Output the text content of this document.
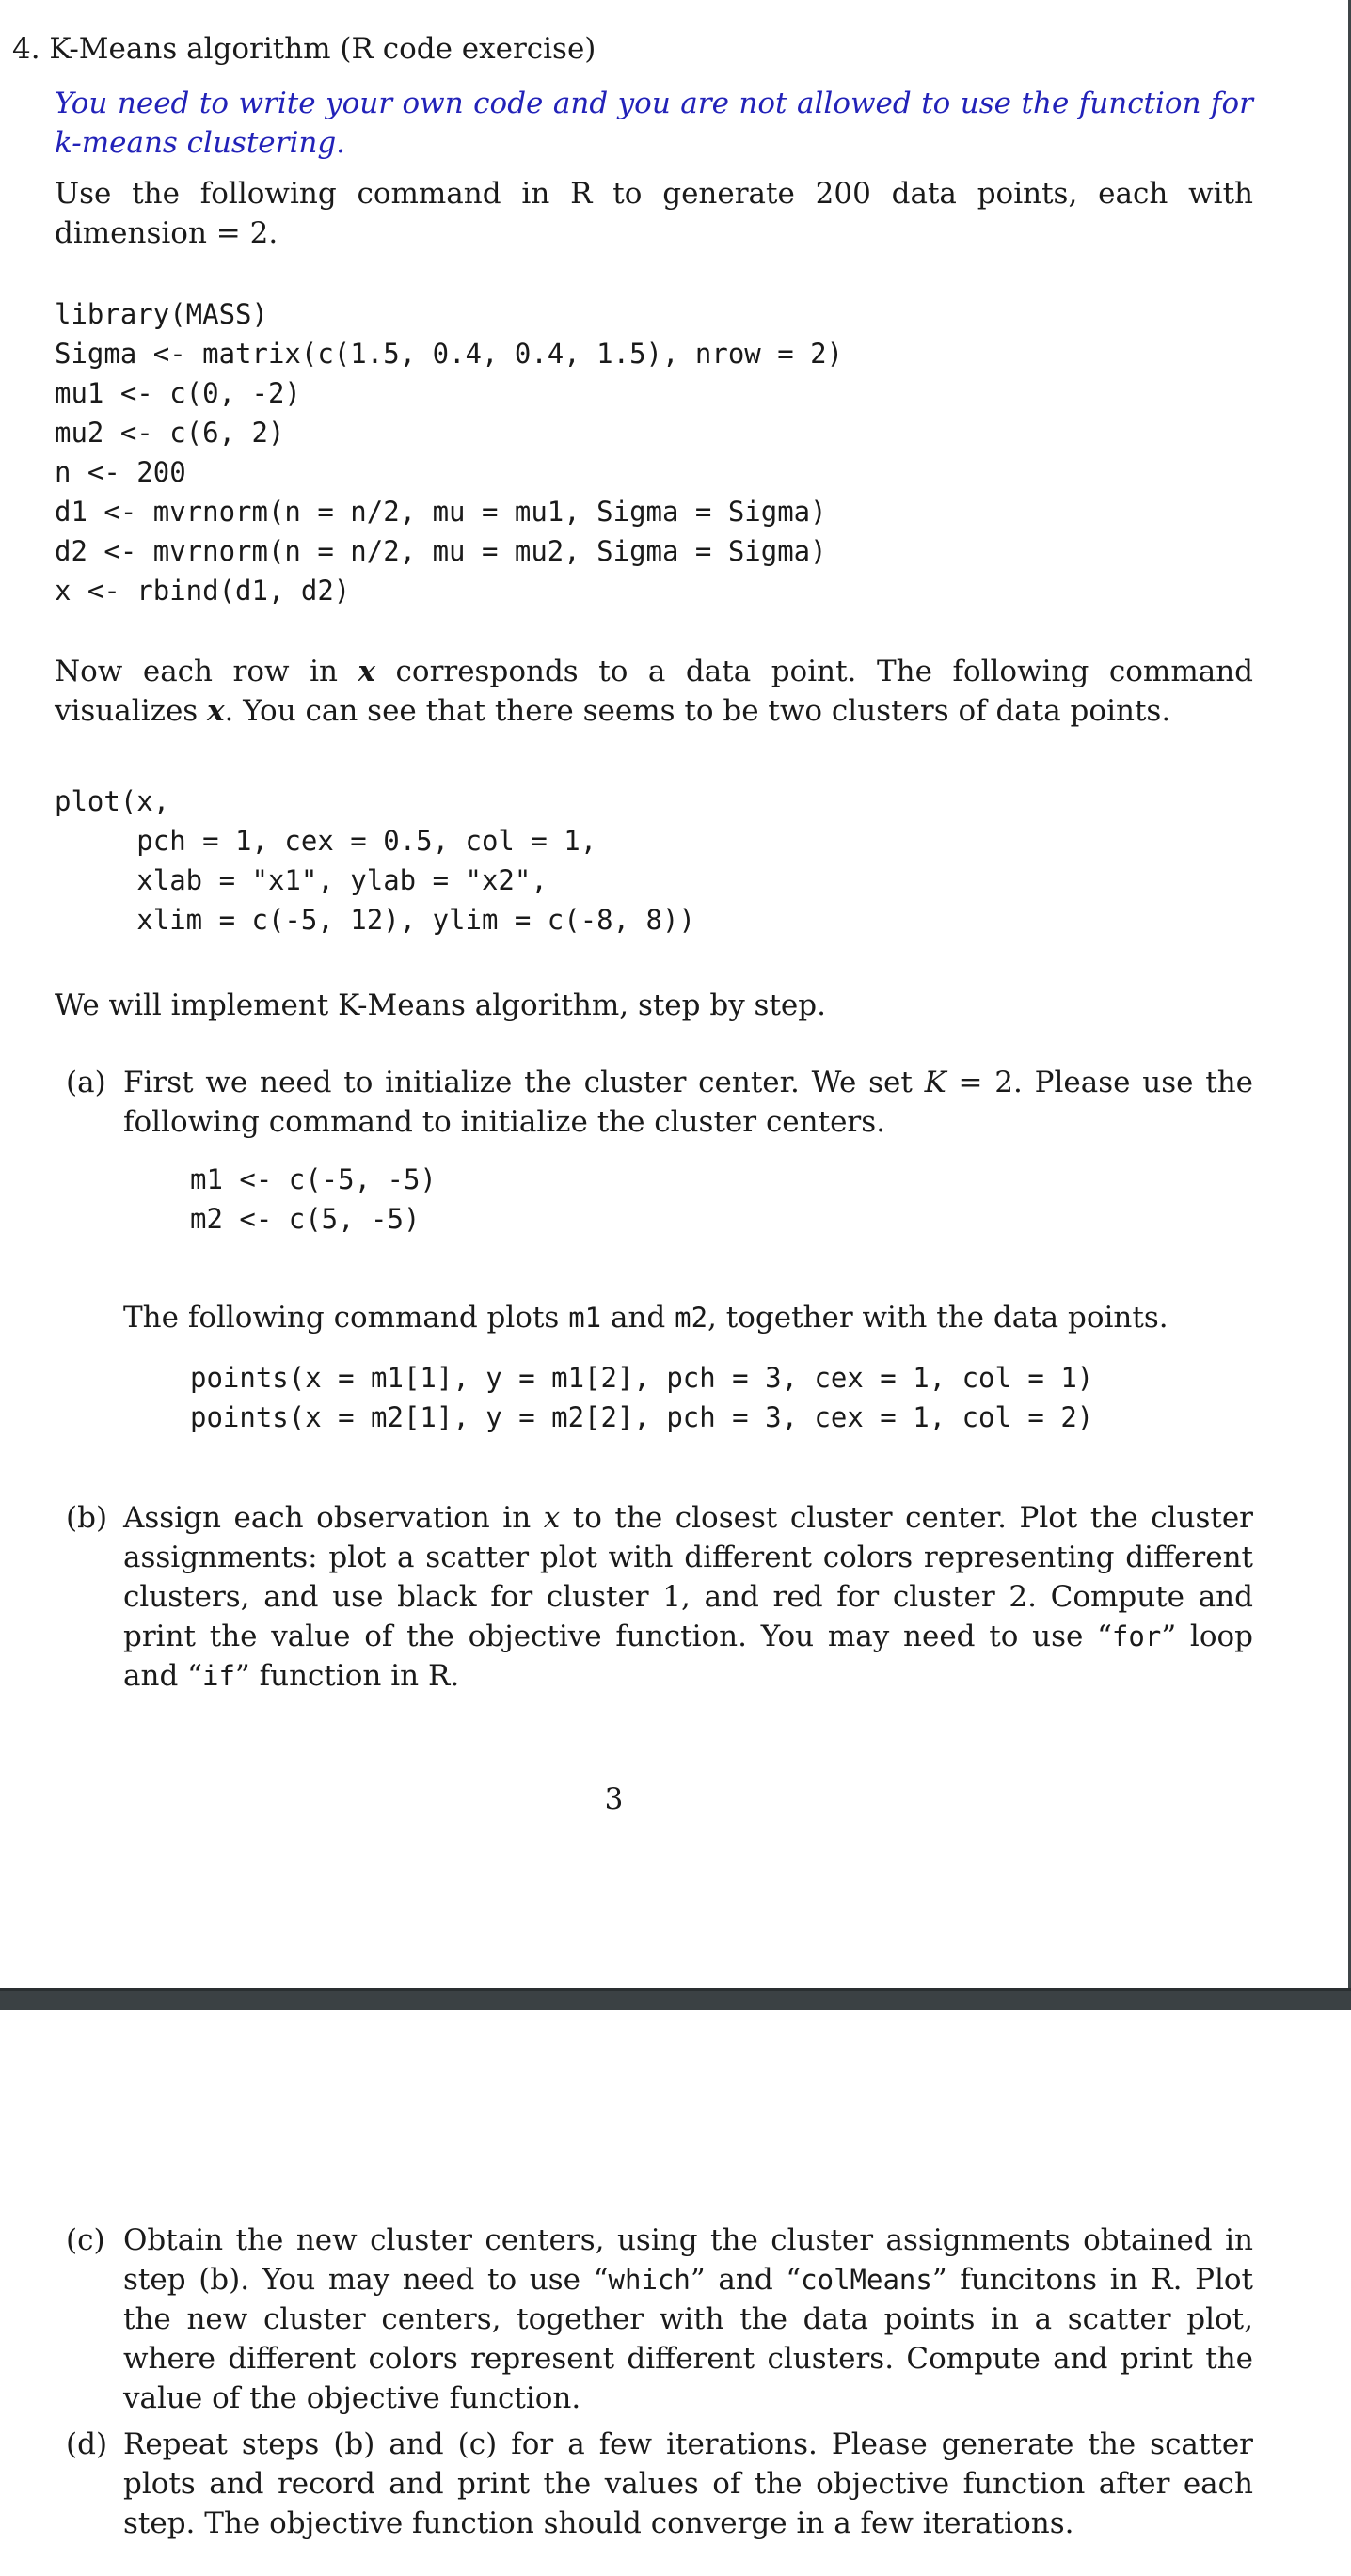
4. K-Means algorithm (R code exercise)
You need to write your own code and you are not allowed to use the function for k-means clustering.
Use the following command in R to generate 200 data points, each with dimension = 2.
library(MASS)
Sigma <- matrix(c(1.5, 0.4, 0.4, 1.5), nrow = 2)
mu1 <- c(0, -2)
mu2 <- c(6, 2)
n <- 200
d1 <- mvrnorm(n = n/2, mu = mu1, Sigma = Sigma)
d2 <- mvrnorm(n = n/2, mu = mu2, Sigma = Sigma)
x <- rbind(d1, d2)
Now each row in x corresponds to a data point. The following command visualizes x. You can see that there seems to be two clusters of data points.
plot(x,
pch = 1, cex = 0.5, col = 1,
xlab = "x1", ylab = "x2",
xlim = c(-5, 12), ylim = c(-8, 8))
We will implement K-Means algorithm, step by step.
(a) First we need to initialize the cluster center. We set K = 2. Please use the following command to initialize the cluster centers.
m1 <- c(-5, -5)
m2 <- c(5, -5)
The following command plots m1 and m2, together with the data points.
points(x = m1[1], y = m1[2], pch = 3, cex = 1, col = 1)
points(x = m2[1], y = m2[2], pch = 3, cex = 1, col = 2)
(b) Assign each observation in x to the closest cluster center. Plot the cluster assignments: plot a scatter plot with different colors representing different clusters, and use black for cluster 1, and red for cluster 2. Compute and print the value of the objective function. You may need to use “for” loop and “if” function in R.
3
(c) Obtain the new cluster centers, using the cluster assignments obtained in step (b). You may need to use “which” and “colMeans” funcitons in R. Plot the new cluster centers, together with the data points in a scatter plot, where different colors represent different clusters. Compute and print the value of the objective function.
(d) Repeat steps (b) and (c) for a few iterations. Please generate the scatter plots and record and print the values of the objective function after each step. The objective function should converge in a few iterations.
